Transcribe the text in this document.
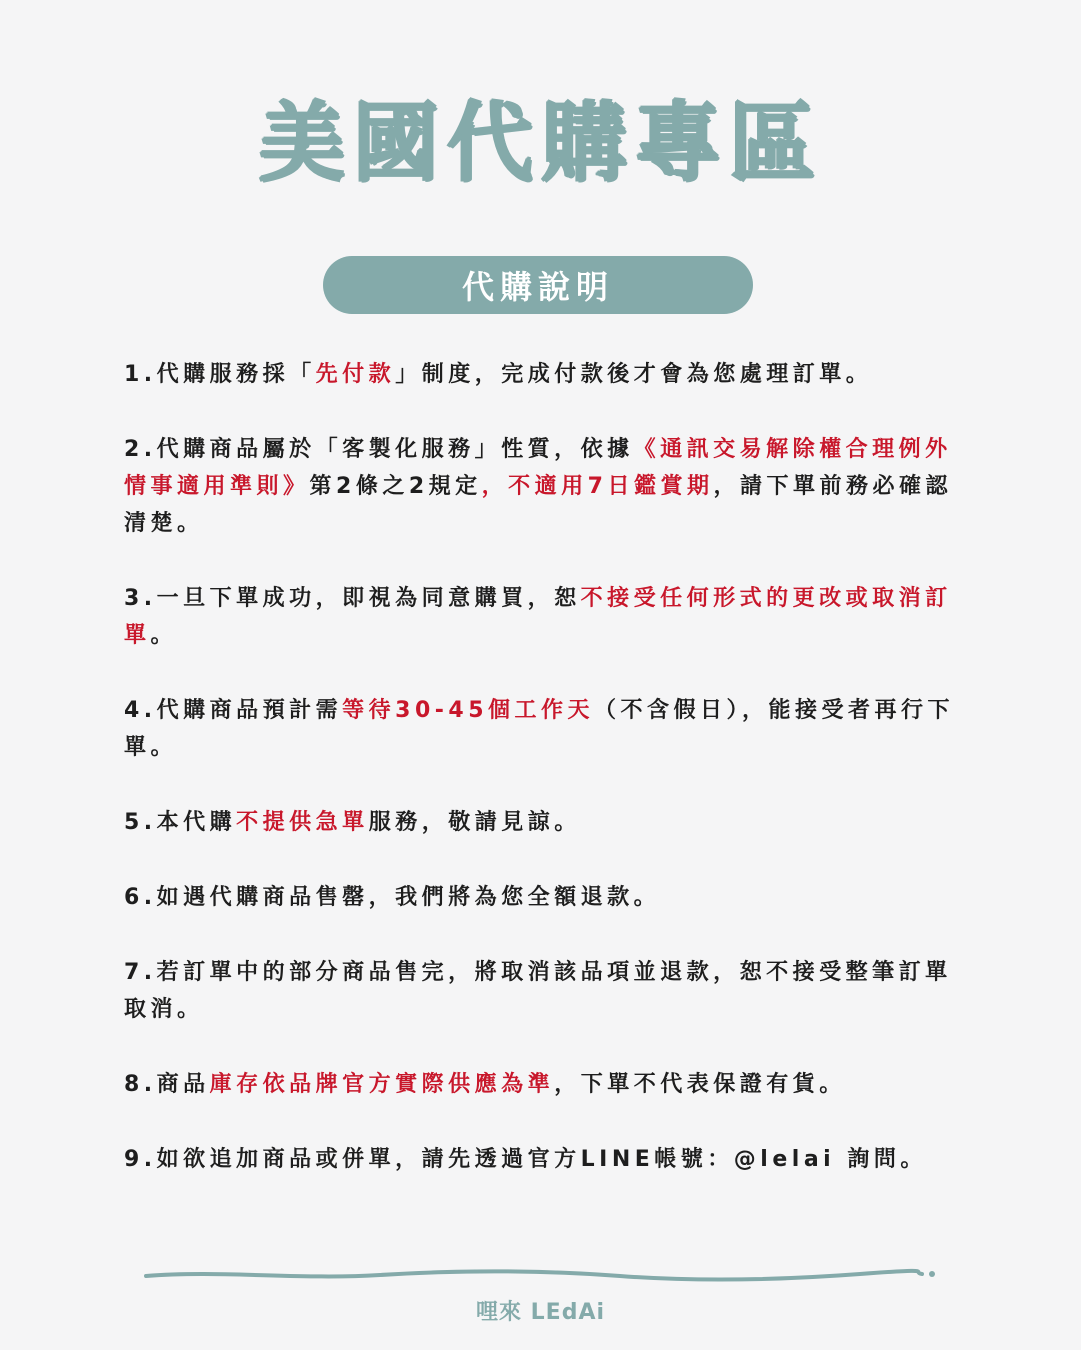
美國代購專區
代購說明
1.代購服務採「先付款」制度，完成付款後才會為您處理訂單。
2.代購商品屬於「客製化服務」性質，依據《通訊交易解除權合理例外情事適用準則》第2條之2規定，不適用7日鑑賞期，請下單前務必確認清楚。
3.一旦下單成功，即視為同意購買，恕不接受任何形式的更改或取消訂單。
4.代購商品預計需等待30-45個工作天（不含假日），能接受者再行下單。
5.本代購不提供急單服務，敬請見諒。
6.如遇代購商品售罄，我們將為您全額退款。
7.若訂單中的部分商品售完，將取消該品項並退款，恕不接受整筆訂單取消。
8.商品庫存依品牌官方實際供應為準，下單不代表保證有貨。
9.如欲追加商品或併單，請先透過官方LINE帳號：@lelai 詢問。
哩來 LEdAi
